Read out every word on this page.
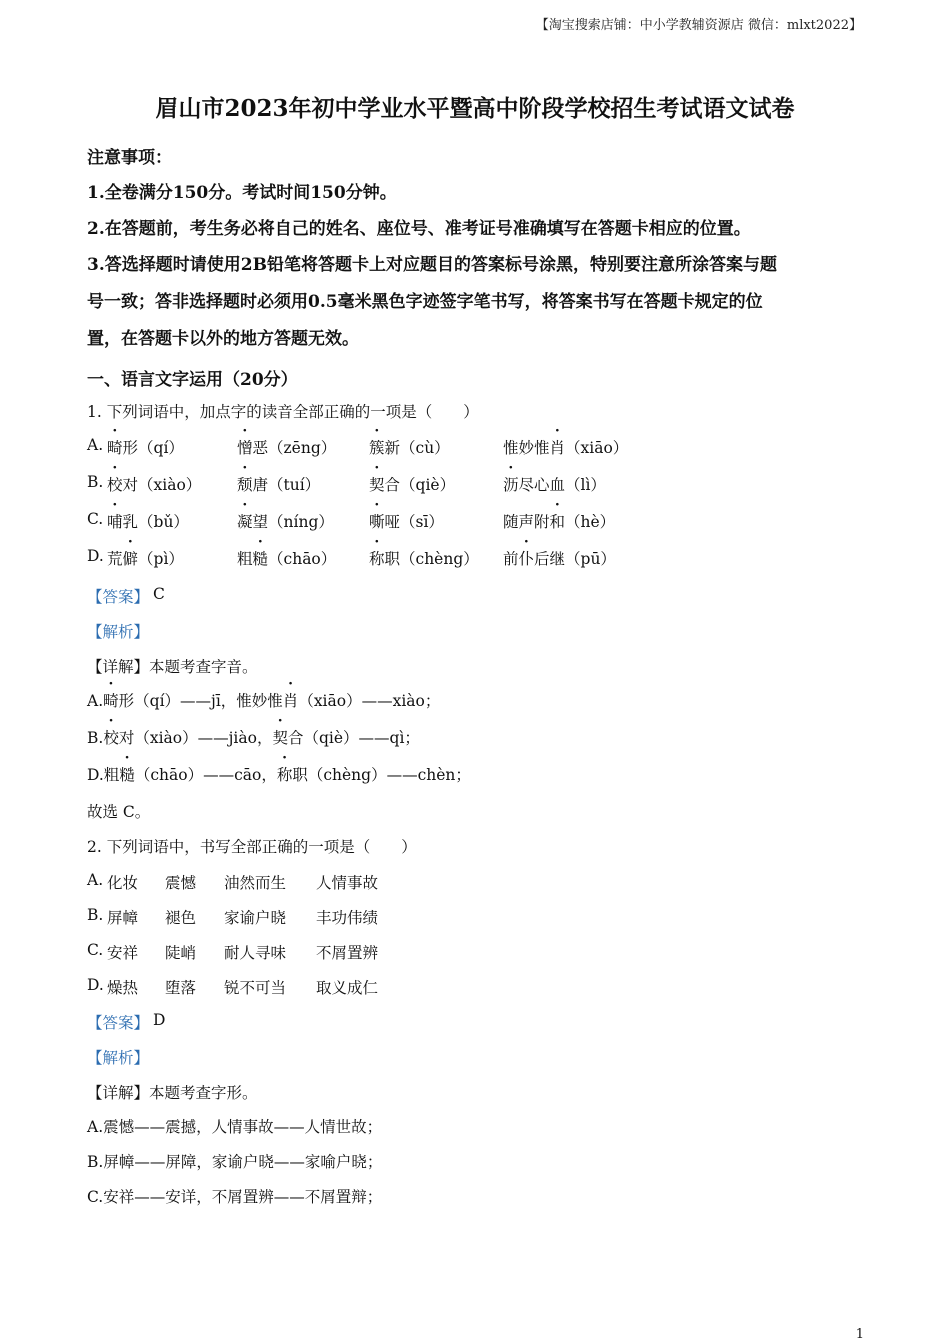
【淘宝搜索店铺：中小学教辅资源店 微信：mlxt2022】
眉山市2023年初中学业水平暨高中阶段学校招生考试语文试卷
注意事项：
1.全卷满分150分。考试时间150分钟。
2.在答题前，考生务必将自己的姓名、座位号、准考证号准确填写在答题卡相应的位置。
3.答选择题时请使用2B铅笔将答题卡上对应题目的答案标号涂黑，特别要注意所涂答案与题
号一致；答非选择题时必须用0.5毫米黑色字迹签字笔书写，将答案书写在答题卡规定的位
置，在答题卡以外的地方答题无效。
一、语言文字运用（20分）
1. 下列词语中，加点字的读音全部正确的一项是（　　）
A. 畸形（qí）	憎恶（zēng） 簇新（cù）	惟妙惟肖（xiāo）
B. 校对（xiào） 颓唐（tuí）	契合（qiè）	沥尽心血（lì）
C. 哺乳（bǔ）	凝望（níng） 嘶哑（sī）	随声附和（hè）
D. 荒僻（pì）	粗糙（chāo） 称职（chèng） 前仆后继（pū）
【答案】 C
【解析】
【详解】本题考查字音。
A.畸形（qí）——jī，惟妙惟肖（xiāo）——xiào；
B.校对（xiào）——jiào，契合（qiè）——qì；
D.粗糙（chāo）——cāo，称职（chèng）——chèn；
故选 C。
2. 下列词语中，书写全部正确的一项是（　　）
A. 化妆 震憾 油然而生 人情事故
B. 屏幛 褪色 家谕户晓 丰功伟绩
C. 安祥 陡峭 耐人寻味 不屑置辨
D. 燥热 堕落 锐不可当 取义成仁
【答案】 D
【解析】
【详解】本题考查字形。
A.震憾——震撼，人情事故——人情世故；
B.屏幛——屏障，家谕户晓——家喻户晓；
C.安祥——安详，不屑置辨——不屑置辩；
1
